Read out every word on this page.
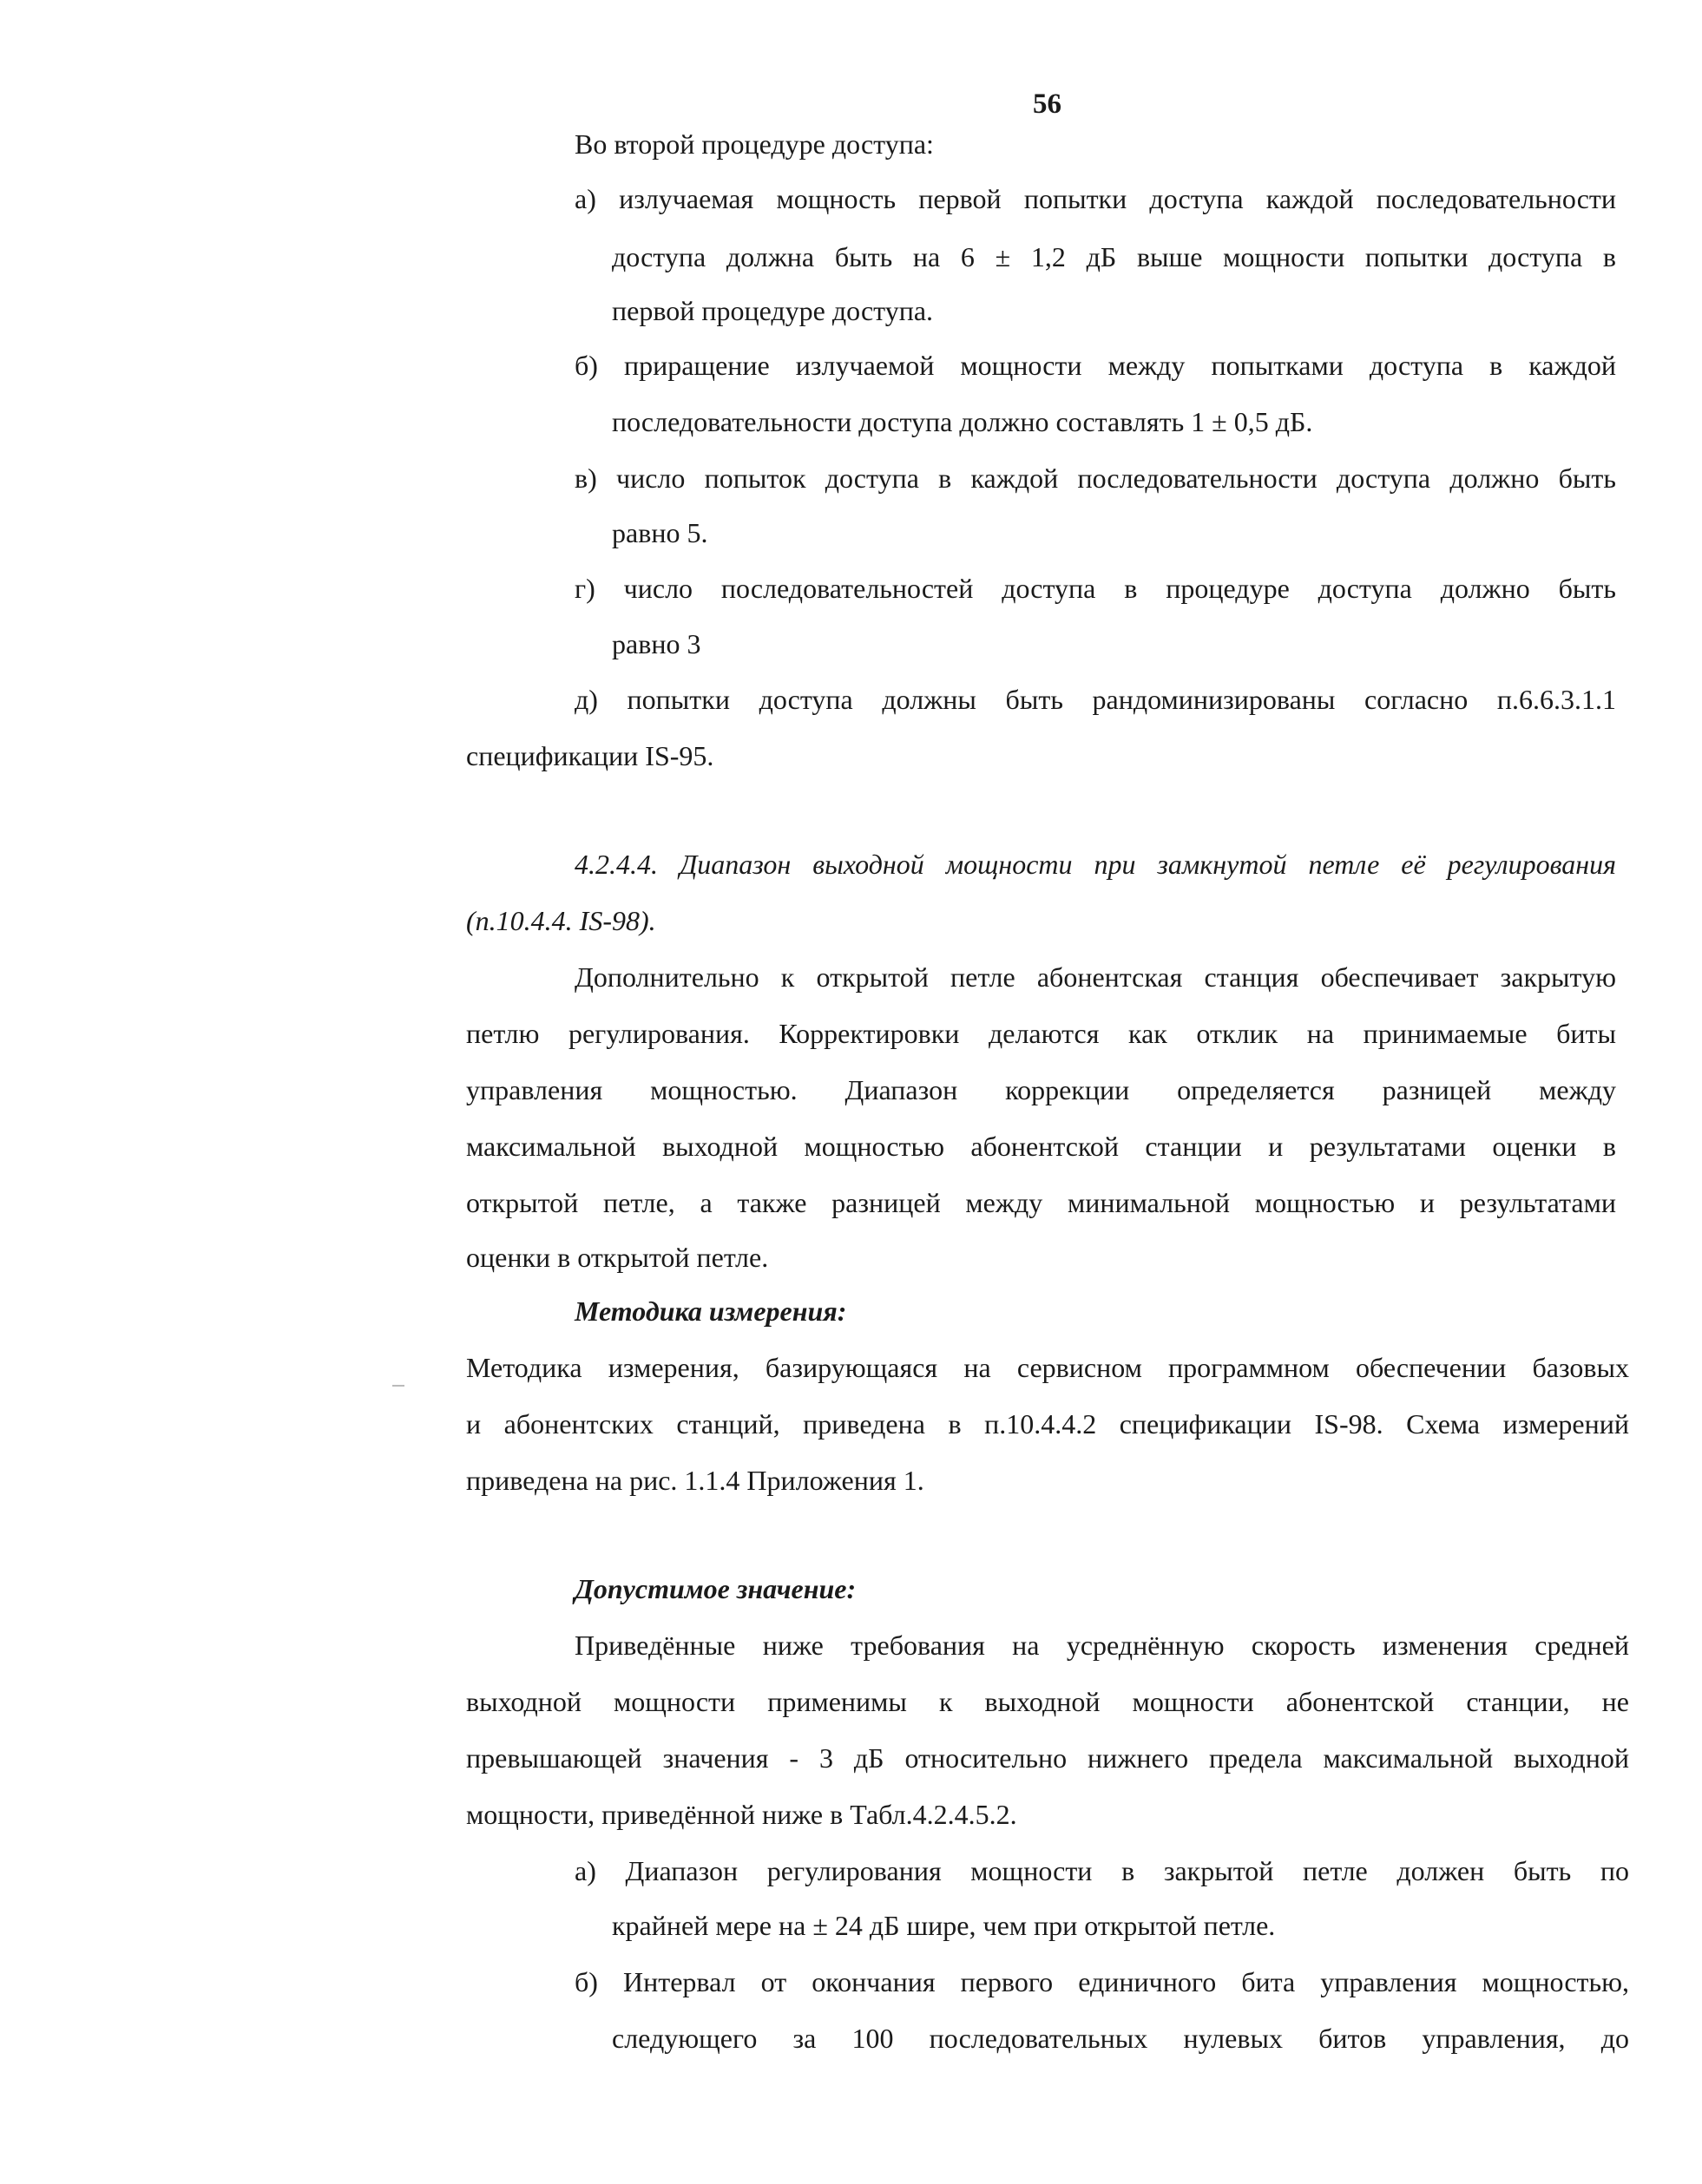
56
Во второй процедуре доступа:
а) излучаемая мощность первой попытки доступа каждой последовательности
доступа должна быть на 6 ± 1,2 дБ выше мощности попытки доступа в
первой процедуре доступа.
б) приращение излучаемой мощности между попытками доступа в каждой
последовательности доступа должно составлять 1 ± 0,5 дБ.
в) число попыток доступа в каждой последовательности доступа должно быть
равно 5.
г) число последовательностей доступа в процедуре доступа должно быть
равно 3
д) попытки доступа должны быть рандоминизированы согласно п.6.6.3.1.1
спецификации IS-95.
4.2.4.4. Диапазон выходной мощности при замкнутой петле её регулирования
(п.10.4.4. IS-98).
Дополнительно к открытой петле абонентская станция обеспечивает закрытую
петлю регулирования. Корректировки делаются как отклик на принимаемые биты
управления мощностью. Диапазон коррекции определяется разницей между
максимальной выходной мощностью абонентской станции и результатами оценки в
открытой петле, а также разницей между минимальной мощностью и результатами
оценки в открытой петле.
Методика измерения:
Методика измерения, базирующаяся на сервисном программном обеспечении базовых
и абонентских станций, приведена в п.10.4.4.2 спецификации IS-98. Схема измерений
приведена на рис. 1.1.4 Приложения 1.
Допустимое значение:
Приведённые ниже требования на усреднённую скорость изменения средней
выходной мощности применимы к выходной мощности абонентской станции, не
превышающей значения - 3 дБ относительно нижнего предела максимальной выходной
мощности, приведённой ниже в Табл.4.2.4.5.2.
а) Диапазон регулирования мощности в закрытой петле должен быть по
крайней мере на ± 24 дБ шире, чем при открытой петле.
б) Интервал от окончания первого единичного бита управления мощностью,
следующего за 100 последовательных нулевых битов управления, до
